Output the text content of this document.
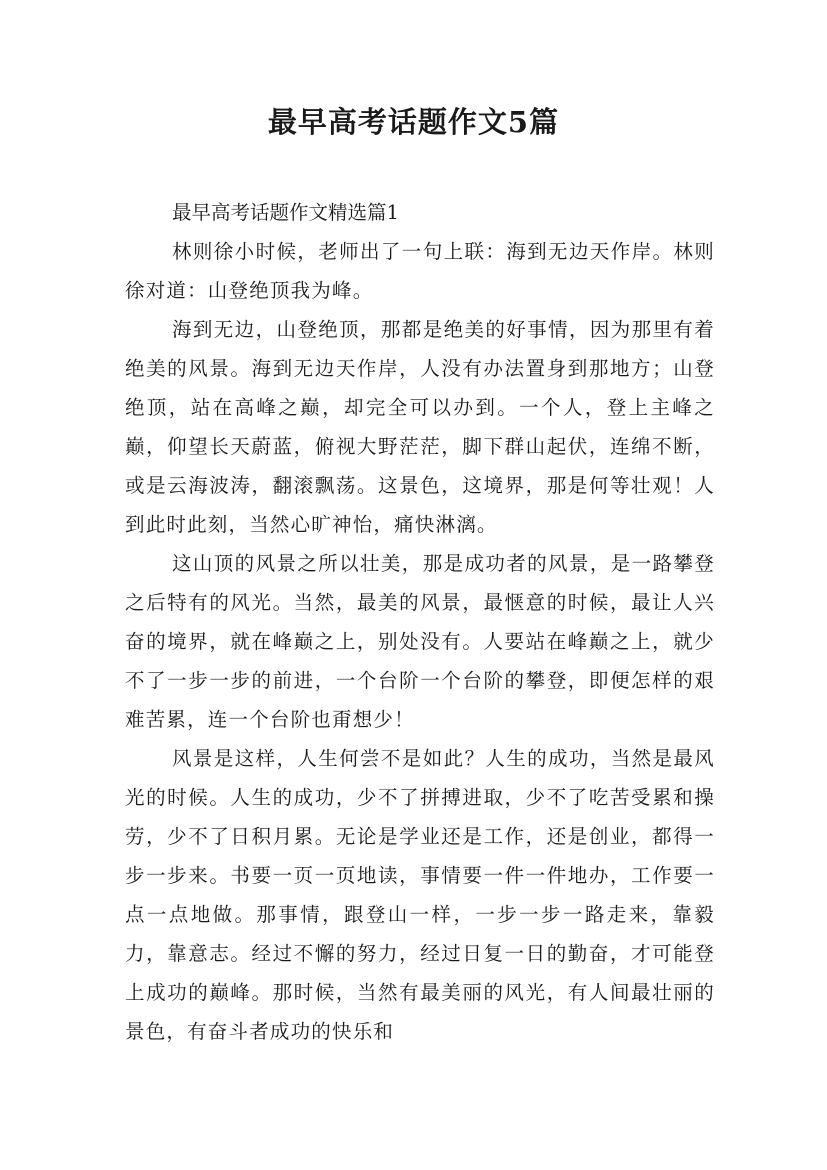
最早高考话题作文5篇

最早高考话题作文精选篇1

林则徐小时候，老师出了一句上联：海到无边天作岸。林则徐对道：山登绝顶我为峰。

海到无边，山登绝顶，那都是绝美的好事情，因为那里有着绝美的风景。海到无边天作岸，人没有办法置身到那地方；山登绝顶，站在高峰之巅，却完全可以办到。一个人，登上主峰之巅，仰望长天蔚蓝，俯视大野茫茫，脚下群山起伏，连绵不断，或是云海波涛，翻滚飘荡。这景色，这境界，那是何等壮观！人到此时此刻，当然心旷神怡，痛快淋漓。

这山顶的风景之所以壮美，那是成功者的风景，是一路攀登之后特有的风光。当然，最美的风景，最惬意的时候，最让人兴奋的境界，就在峰巅之上，别处没有。人要站在峰巅之上，就少不了一步一步的前进，一个台阶一个台阶的攀登，即便怎样的艰难苦累，连一个台阶也甭想少！

风景是这样，人生何尝不是如此？人生的成功，当然是最风光的时候。人生的成功，少不了拼搏进取，少不了吃苦受累和操劳，少不了日积月累。无论是学业还是工作，还是创业，都得一步一步来。书要一页一页地读，事情要一件一件地办，工作要一点一点地做。那事情，跟登山一样，一步一步一路走来，靠毅力，靠意志。经过不懈的努力，经过日复一日的勤奋，才可能登上成功的巅峰。那时候，当然有最美丽的风光，有人间最壮丽的景色，有奋斗者成功的快乐和
